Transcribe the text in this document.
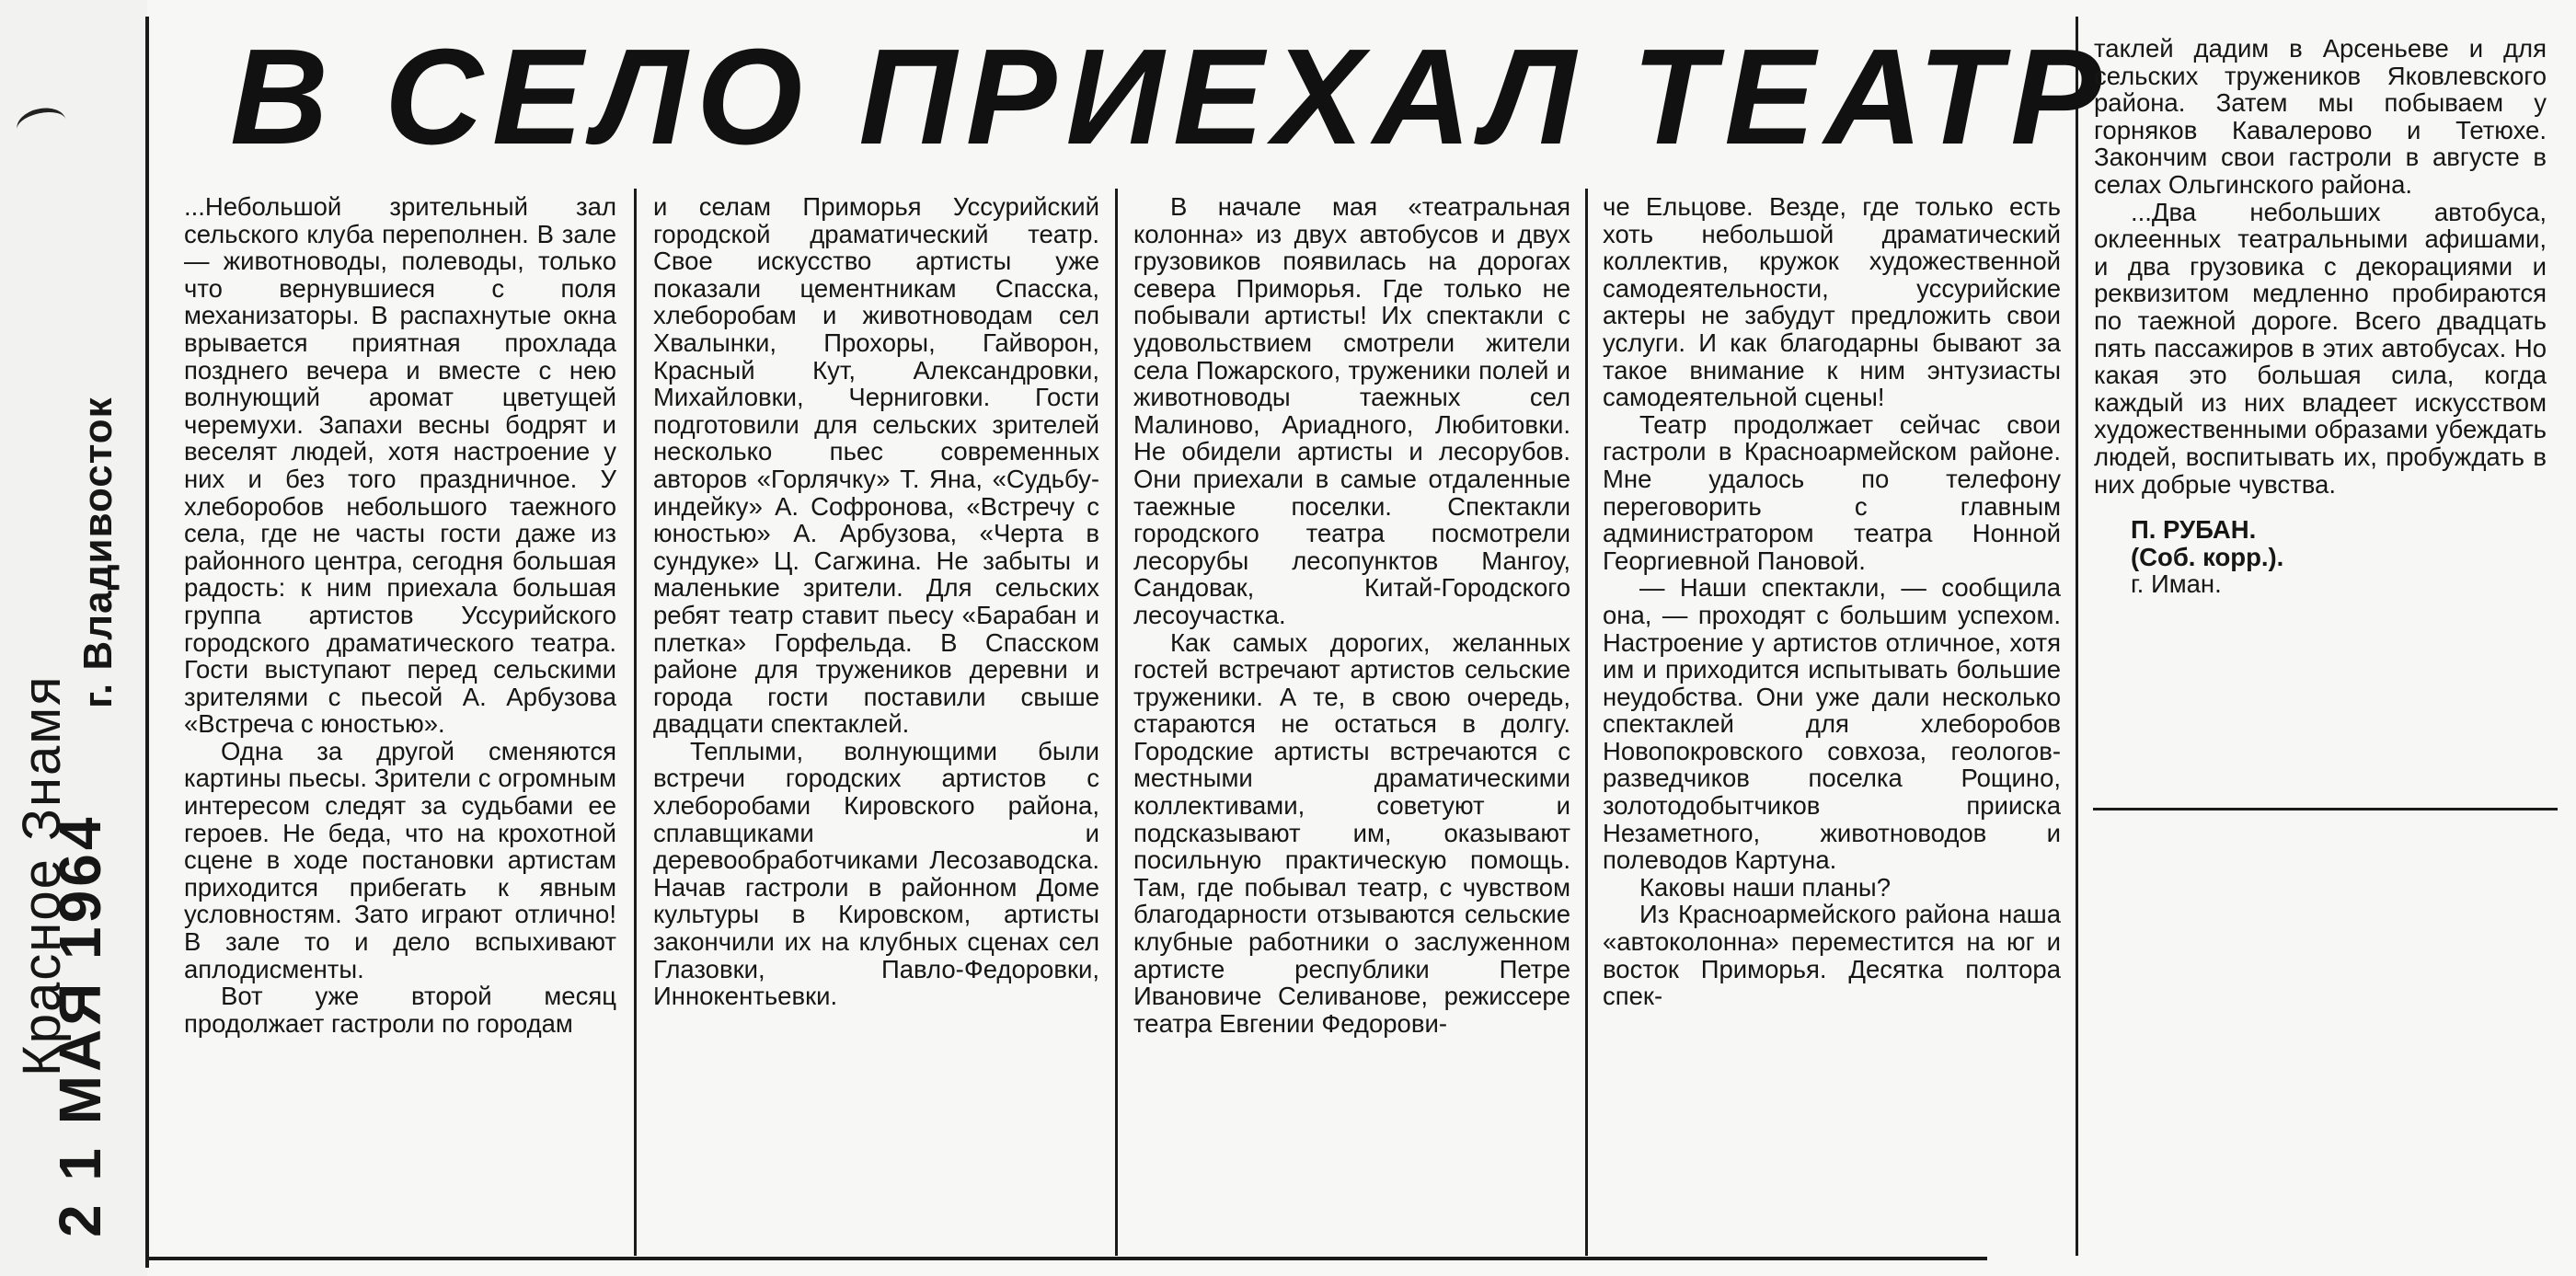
Красное Знамя
г. Владивосток
2 1 МАЯ 1964
В СЕЛО ПРИЕХАЛ ТЕАТР

...Небольшой зрительный зал сельского клуба переполнен. В зале — животноводы, полеводы, только что вернувшиеся с поля механизаторы. В распахнутые окна врывается приятная прохлада позднего вечера и вместе с нею волнующий аромат цветущей черемухи. Запахи весны бодрят и веселят людей, хотя настроение у них и без того праздничное. У хлеборобов небольшого таежного села, где не часты гости даже из районного центра, сегодня большая радость: к ним приехала большая группа артистов Уссурийского городского драматического театра. Гости выступают перед сельскими зрителями с пьесой А. Арбузова «Встреча с юностью».

Одна за другой сменяются картины пьесы. Зрители с огромным интересом следят за судьбами ее героев. Не беда, что на крохотной сцене в ходе постановки артистам приходится прибегать к явным условностям. Зато играют отлично! В зале то и дело вспыхивают аплодисменты.

Вот уже второй месяц продолжает гастроли по городам

и селам Приморья Уссурийский городской драматический театр. Свое искусство артисты уже показали цементникам Спасска, хлеборобам и животноводам сел Хвалынки, Прохоры, Гайворон, Красный Кут, Александровки, Михайловки, Черниговки. Гости подготовили для сельских зрителей несколько пьес современных авторов «Горлячку» Т. Яна, «Судьбу-индейку» А. Софронова, «Встречу с юностью» А. Арбузова, «Черта в сундуке» Ц. Сагжина. Не забыты и маленькие зрители. Для сельских ребят театр ставит пьесу «Барабан и плетка» Горфельда. В Спасском районе для тружеников деревни и города гости поставили свыше двадцати спектаклей.

Теплыми, волнующими были встречи городских артистов с хлеборобами Кировского района, сплавщиками и деревообработчиками Лесозаводска. Начав гастроли в районном Доме культуры в Кировском, артисты закончили их на клубных сценах сел Глазовки, Павло-Федоровки, Иннокентьевки.

В начале мая «театральная колонна» из двух автобусов и двух грузовиков появилась на дорогах севера Приморья. Где только не побывали артисты! Их спектакли с удовольствием смотрели жители села Пожарского, труженики полей и животноводы таежных сел Малиново, Ариадного, Любитовки. Не обидели артисты и лесорубов. Они приехали в самые отдаленные таежные поселки. Спектакли городского театра посмотрели лесорубы лесопунктов Мангоу, Сандовак, Китай-Городского лесоучастка.

Как самых дорогих, желанных гостей встречают артистов сельские труженики. А те, в свою очередь, стараются не остаться в долгу. Городские артисты встречаются с местными драматическими коллективами, советуют и подсказывают им, оказывают посильную практическую помощь. Там, где побывал театр, с чувством благодарности отзываются сельские клубные работники о заслуженном артисте республики Петре Ивановиче Селиванове, режиссере театра Евгении Федорови-

че Ельцове. Везде, где только есть хоть небольшой драматический коллектив, кружок художественной самодеятельности, уссурийские актеры не забудут предложить свои услуги. И как благодарны бывают за такое внимание к ним энтузиасты самодеятельной сцены!

Театр продолжает сейчас свои гастроли в Красноармейском районе. Мне удалось по телефону переговорить с главным администратором театра Нонной Георгиевной Пановой.

— Наши спектакли, — сообщила она, — проходят с большим успехом. Настроение у артистов отличное, хотя им и приходится испытывать большие неудобства. Они уже дали несколько спектаклей для хлеборобов Новопокровского совхоза, геологов-разведчиков поселка Рощино, золотодобытчиков прииска Незаметного, животноводов и полеводов Картуна.

Каковы наши планы?

Из Красноармейского района наша «автоколонна» переместится на юг и восток Приморья. Десятка полтора спек-

таклей дадим в Арсеньеве и для сельских тружеников Яковлевского района. Затем мы побываем у горняков Кавалерово и Тетюхе. Закончим свои гастроли в августе в селах Ольгинского района.

...Два небольших автобуса, оклеенных театральными афишами, и два грузовика с декорациями и реквизитом медленно пробираются по таежной дороге. Всего двадцать пять пассажиров в этих автобусах. Но какая это большая сила, когда каждый из них владеет искусством художественными образами убеждать людей, воспитывать их, пробуждать в них добрые чувства.

П. РУБАН.

(Соб. корр.).

г. Иман.
